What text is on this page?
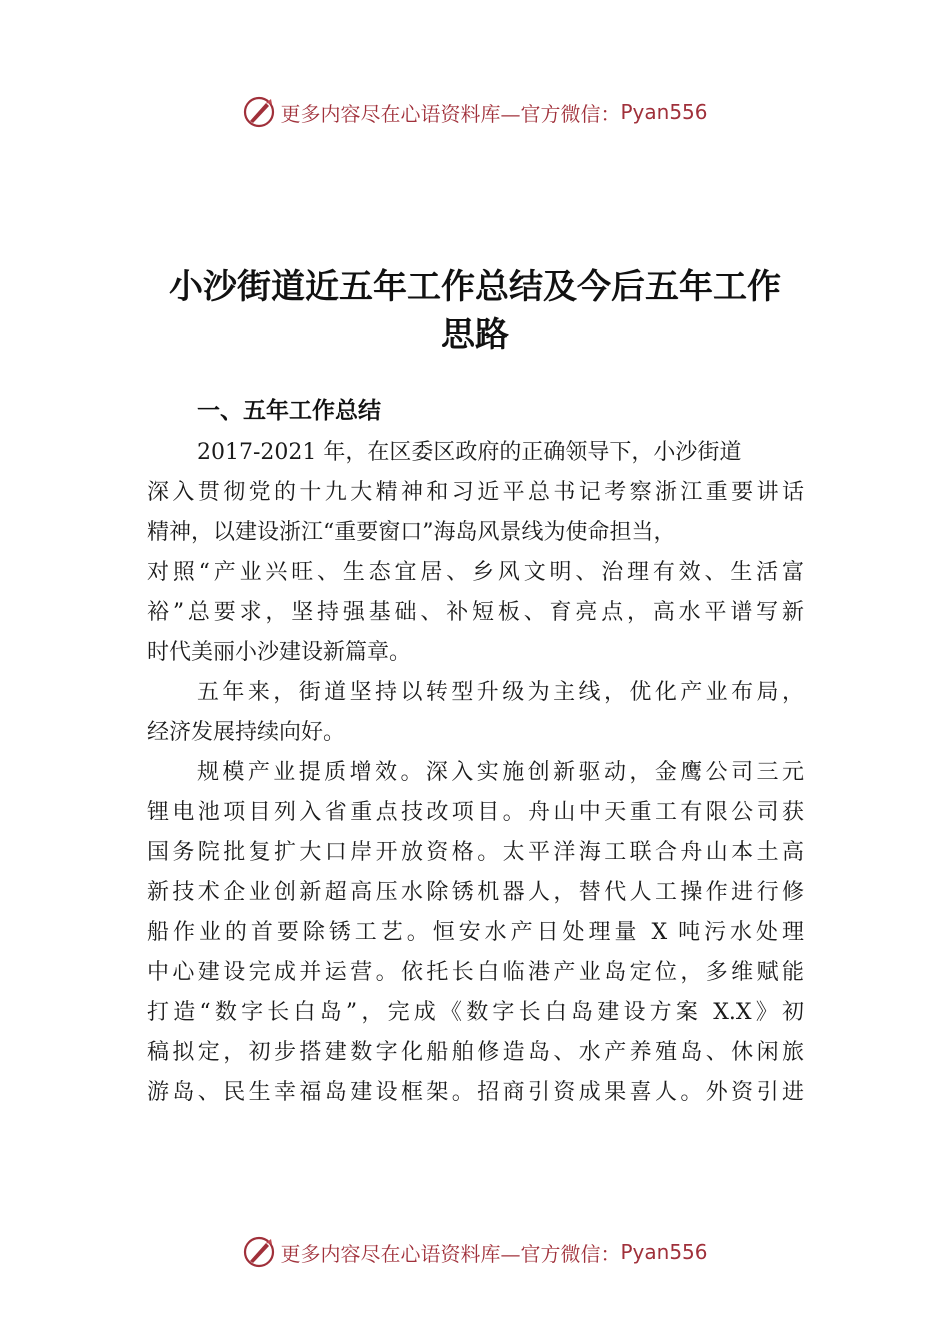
更多内容尽在心语资料库—官方微信： Pyan556
小沙街道近五年工作总结及今后五年工作
思路
一、五年工作总结
2017-2021 年，在区委区政府的正确领导下，小沙街道
深入贯彻党的十九大精神和习近平总书记考察浙江重要讲话
精神，以建设浙江“重要窗口”海岛风景线为使命担当，
对照“产业兴旺、生态宜居、乡风文明、治理有效、生活富
裕”总要求，坚持强基础、补短板、育亮点，高水平谱写新
时代美丽小沙建设新篇章。
五年来，街道坚持以转型升级为主线，优化产业布局，
经济发展持续向好。
规模产业提质增效。深入实施创新驱动，金鹰公司三元
锂电池项目列入省重点技改项目。舟山中天重工有限公司获
国务院批复扩大口岸开放资格。太平洋海工联合舟山本土高
新技术企业创新超高压水除锈机器人，替代人工操作进行修
船作业的首要除锈工艺。恒安水产日处理量 X 吨污水处理
中心建设完成并运营。依托长白临港产业岛定位，多维赋能
打造“数字长白岛”，完成《数字长白岛建设方案 X.X》初
稿拟定，初步搭建数字化船舶修造岛、水产养殖岛、休闲旅
游岛、民生幸福岛建设框架。招商引资成果喜人。外资引进
更多内容尽在心语资料库—官方微信： Pyan556
